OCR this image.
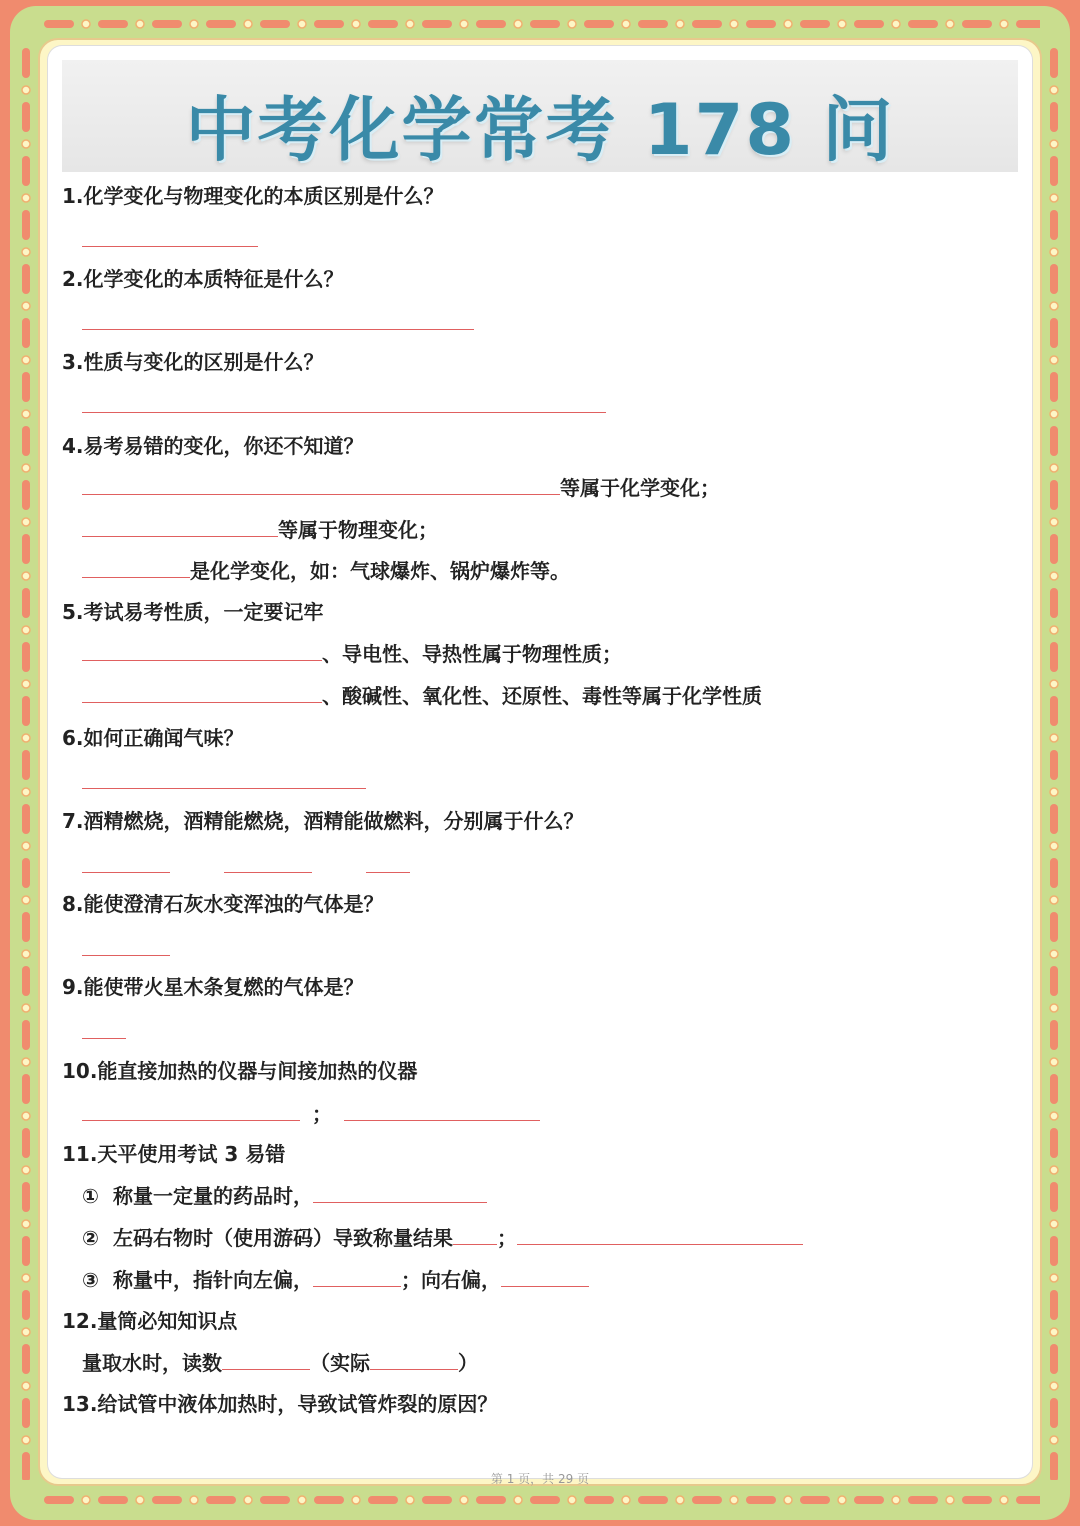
中考化学常考 178 问
1.化学变化与物理变化的本质区别是什么？
2.化学变化的本质特征是什么？
3.性质与变化的区别是什么？
4.易考易错的变化，你还不知道？
等属于化学变化；
等属于物理变化；
是化学变化，如：气球爆炸、锅炉爆炸等。
5.考试易考性质，一定要记牢
、导电性、导热性属于物理性质；
、酸碱性、氧化性、还原性、毒性等属于化学性质
6.如何正确闻气味？
7.酒精燃烧，酒精能燃烧，酒精能做燃料，分别属于什么？

8.能使澄清石灰水变浑浊的气体是？
9.能使带火星木条复燃的气体是？
10.能直接加热的仪器与间接加热的仪器
；
11.天平使用考试 3 易错
① 称量一定量的药品时，
② 左码右物时（使用游码）导致称量结果 ；
③ 称量中，指针向左偏，	；向右偏，
12.量筒必知知识点
量取水时，读数	（实际	）
13.给试管中液体加热时，导致试管炸裂的原因？
第 1 页，共 29 页
